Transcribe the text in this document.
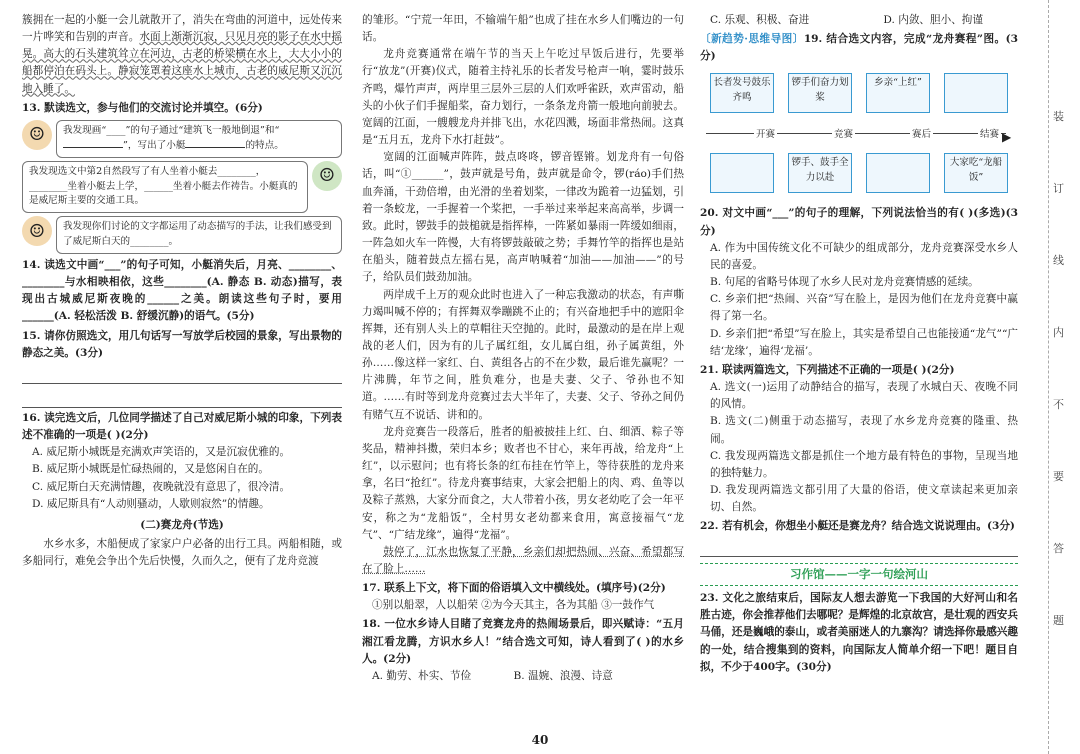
簇拥在一起的小艇一会儿就散开了，消失在弯曲的河道中，远处传来一片哗笑和告别的声音。水面上渐渐沉寂，只见月亮的影子在水中摇晃。高大的石头建筑耸立在河边，古老的桥梁横在水上，大大小小的船都停泊在码头上。静寂笼罩着这座水上城市，古老的威尼斯又沉沉地入睡了。

13. 默读选文，参与他们的交流讨论并填空。(6分)

☺	我发现画“____”的句子通过“建筑飞一般地倒退”和“”，写出了小艇	的特点。
我发现选文中第2自然段写了有人坐着小艇去________，________坐着小艇去上学，______坐着小艇去作祷告。小艇真的是威尼斯主要的交通工具。
☺
☺	我发现你们讨论的文字都运用了动态描写的手法，让我们感受到了威尼斯白天的________。

14. 读选文中画“___”的句子可知，小艇消失后，月亮、________、________与水相映相依，这些________(A. 静态 B. 动态)描写，表现出古城威尼斯夜晚的______之美。朗读这些句子时，要用______(A. 轻松活泼 B. 舒缓沉静)的语气。(5分)

15. 请你仿照选文，用几句话写一写放学后校园的景象，写出景物的静态之美。(3分)

16. 读完选文后，几位同学描述了自己对威尼斯小城的印象，下列表述不准确的一项是( )(2分)

A. 威尼斯小城既是充满欢声笑语的，又是沉寂优雅的。

B. 威尼斯小城既是忙碌热闹的，又是悠闲自在的。

C. 威尼斯白天充满情趣，夜晚就没有意思了，很冷清。

D. 威尼斯具有“人动则骚动，人歇则寂然”的情趣。

(二)赛龙舟(节选)

水乡水多，木船便成了家家户户必备的出行工具。两船相随，或多船同行，难免会争出个先后快慢，久而久之，便有了龙舟竞渡

的雏形。“宁荒一年田，不输端午船”也成了挂在水乡人们嘴边的一句话。

龙舟竞赛通常在端午节的当天上午吃过早饭后进行，先要举行“放龙”(开赛)仪式，随着主持礼乐的长者发号枪声一响，霎时鼓乐齐鸣，爆竹声声，两岸里三层外三层的人们欢呼雀跃，欢声雷动，船头的小伙子们手握船桨，奋力划行，一条条龙舟箭一般地向前驶去。宽阔的江面，一艘艘龙舟并排飞出，水花四溅，场面非常热闹。这真是“五月五，龙舟下水打赶鼓”。

宽阔的江面喊声阵阵，鼓点咚咚，锣音铿锵。划龙舟有一句俗话，叫“①______”，鼓声就是号角，鼓声就是命令，锣(ráo)手们热血奔涌，干劲倍增，由光滑的坐着划桨，一律改为跪着一边猛划，引着一条蛟龙，一手握着一个桨把，一手举过来举起来高高举，步调一致。此时，锣鼓手的鼓槌就是指挥棒，一阵紧如暴雨一阵缓如细雨，一阵急如火车一阵慢，大有将锣鼓敲破之势；手舞竹竿的指挥也是站在船头，随着鼓点左摇右晃，高声呐喊着“加油——加油——”的号子，给队员们鼓劲加油。

两岸成千上万的观众此时也进入了一种忘我激动的状态，有声嘶力竭叫喊不停的；有挥舞双拳蹦跳不止的；有兴奋地把手中的遮阳伞挥舞，还有别人头上的草帽往天空抛的。此时，最激动的是在岸上观战的老人们，因为有的儿子属红组，女儿属白组，孙子属黄组，外孙……像这样一家红、白、黄组各占的不在少数，最后谁先赢呢？一片沸腾，年节之间，胜负难分，也是夫妻、父子、爷孙也不知道。……有时等到龙舟竞赛过去大半年了，夫妻、父子、爷孙之间仍有赌气互不说话、讲和的。

龙舟竞赛告一段落后，胜者的船被披挂上红、白、细酒、粽子等奖品，精神抖擞，荣归本乡；败者也不甘心，来年再战，给龙舟“上红”，以示慰问；也有将长条的红布挂在竹竿上，等待获胜的龙舟来拿，名曰“抢红”。待龙舟赛事结束，大家会把船上的肉、鸡、鱼等以及粽子蒸熟，大家分而食之，大人带着小孩，男女老幼吃了会一年平安，称之为“龙船饭”，全村男女老幼都来食用，寓意接福气“龙气”、“广结龙缘”，遍得“龙福”。

鼓停了，江水也恢复了平静，乡亲们却把热闹、兴奋、希望都写在了脸上……

17. 联系上下文，将下面的俗语填入文中横线处。(填序号)(2分)

①别以船翠，人以船荣 ②为今天其主，各为其船 ③一鼓作气

18. 一位水乡诗人目睹了竞赛龙舟的热闹场景后，即兴赋诗：“五月湘江看龙腾，方识水乡人！”结合选文可知，诗人看到了( )的水乡人。(2分)

A. 勤劳、朴实、节俭　　　　	B. 温婉、浪漫、诗意

C. 乐观、积极、奋进　　　　　　　	D. 内敛、胆小、拘谨

〔新趋势·思维导图〕19. 结合选文内容，完成“龙舟赛程”图。(3分)

▶
长者发号鼓乐齐鸣
锣手们奋力划桨
乡亲“上红”
锣手、鼓手全力以赴
大家吃“龙船饭”
开赛	竞赛	赛后	结赛

20. 对文中画“___”的句子的理解，下列说法恰当的有( )(多选)(3分)

A. 作为中国传统文化不可缺少的组成部分，龙舟竞赛深受水乡人民的喜爱。

B. 句尾的省略号体现了水乡人民对龙舟竞赛情感的延续。

C. 乡亲们把“热闹、兴奋”写在脸上，是因为他们在龙舟竞赛中赢得了第一名。

D. 乡亲们把“希望”写在脸上，其实是希望自己也能接通“龙气”“广结‘龙缘’，遍得‘龙福’。

21. 联读两篇选文，下列描述不正确的一项是( )(2分)

A. 选文(一)运用了动静结合的描写，表现了水城白天、夜晚不同的风情。

B. 选文(二)侧重于动态描写，表现了水乡龙舟竞赛的隆重、热闹。

C. 我发现两篇选文都是抓住一个地方最有特色的事物，呈现当地的独特魅力。

D. 我发现两篇选文都引用了大量的俗语，使文章读起来更加亲切、自然。

22. 若有机会，你想坐小艇还是赛龙舟？结合选文说说理由。(3分)

习作馆——一字一句绘河山

23. 文化之旅结束后，国际友人想去游览一下我国的大好河山和名胜古迹，你会推荐他们去哪呢？是辉煌的北京故宫，是壮观的西安兵马俑，还是巍峨的泰山，或者美丽迷人的九寨沟？请选择你最感兴趣的一处，结合搜集到的资料，向国际友人简单介绍一下吧！题目自拟，不少于400字。(30分)

40
装
订
线
内
不
要
答
题
